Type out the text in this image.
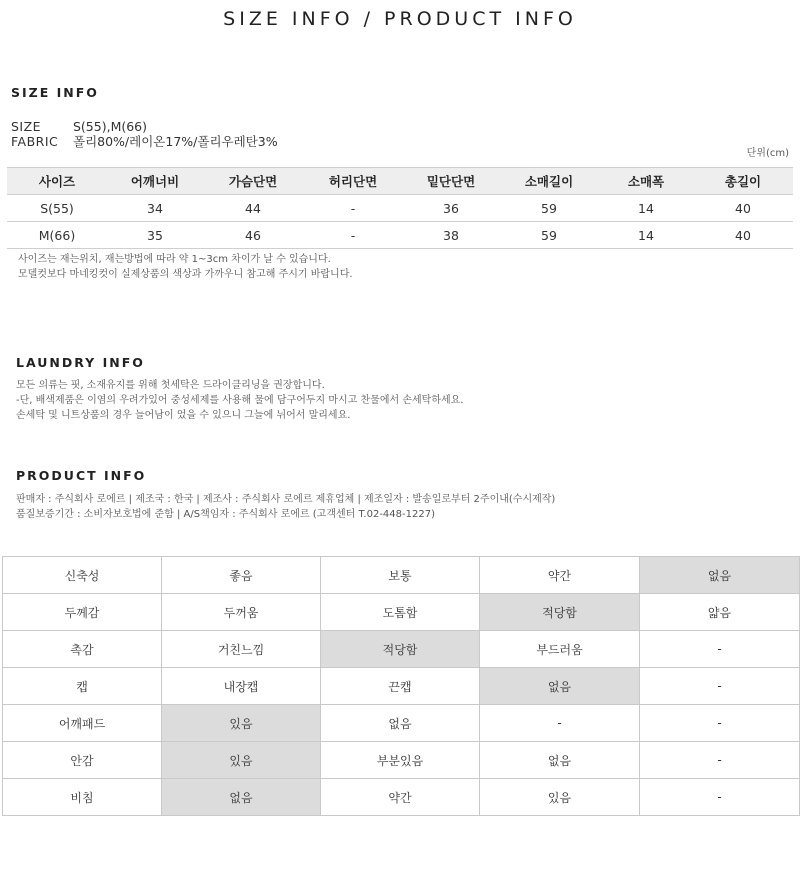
SIZE INFO / PRODUCT INFO
SIZE INFO
SIZE	S(55),M(66)
FABRIC 폴리80%/레이온17%/폴리우레탄3%
단위(cm)
사이즈	어깨너비	가슴단면	허리단면	밑단단면	소매길이	소매폭	총길이
S(55)	34	44	-	36	59	14	40
M(66)	35	46	-	38	59	14	40
사이즈는 재는위치, 재는방법에 따라 약 1~3cm 차이가 날 수 있습니다.
모델컷보다 마네킹컷이 실제상품의 색상과 가까우니 참고해 주시기 바랍니다.
LAUNDRY INFO
모든 의류는 핏, 소재유지를 위해 첫세탁은 드라이클리닝을 권장합니다.
-단, 배색제품은 이염의 우려가있어 중성세제를 사용해 물에 담구어두지 마시고 찬물에서 손세탁하세요.
손세탁 및 니트상품의 경우 늘어남이 었을 수 있으니 그늘에 뉘어서 말리세요.
PRODUCT INFO
판매자 : 주식회사 로에르 | 제조국 : 한국 | 제조사 : 주식회사 로에르 제휴업체 | 제조일자 : 발송일로부터 2주이내(수시제작)
품질보증기간 : 소비자보호법에 준함 | A/S책임자 : 주식회사 로에르 (고객센터 T.02-448-1227)
신축성	좋음	보통	약간	없음
두께감	두꺼움	도톰함	적당함	얇음
촉감	거친느낌	적당함	부드러움	-
캡	내장캡	끈캡	없음	-
어깨패드	있음	없음	-	-
안감	있음	부분있음	없음	-
비침	없음	약간	있음	-
